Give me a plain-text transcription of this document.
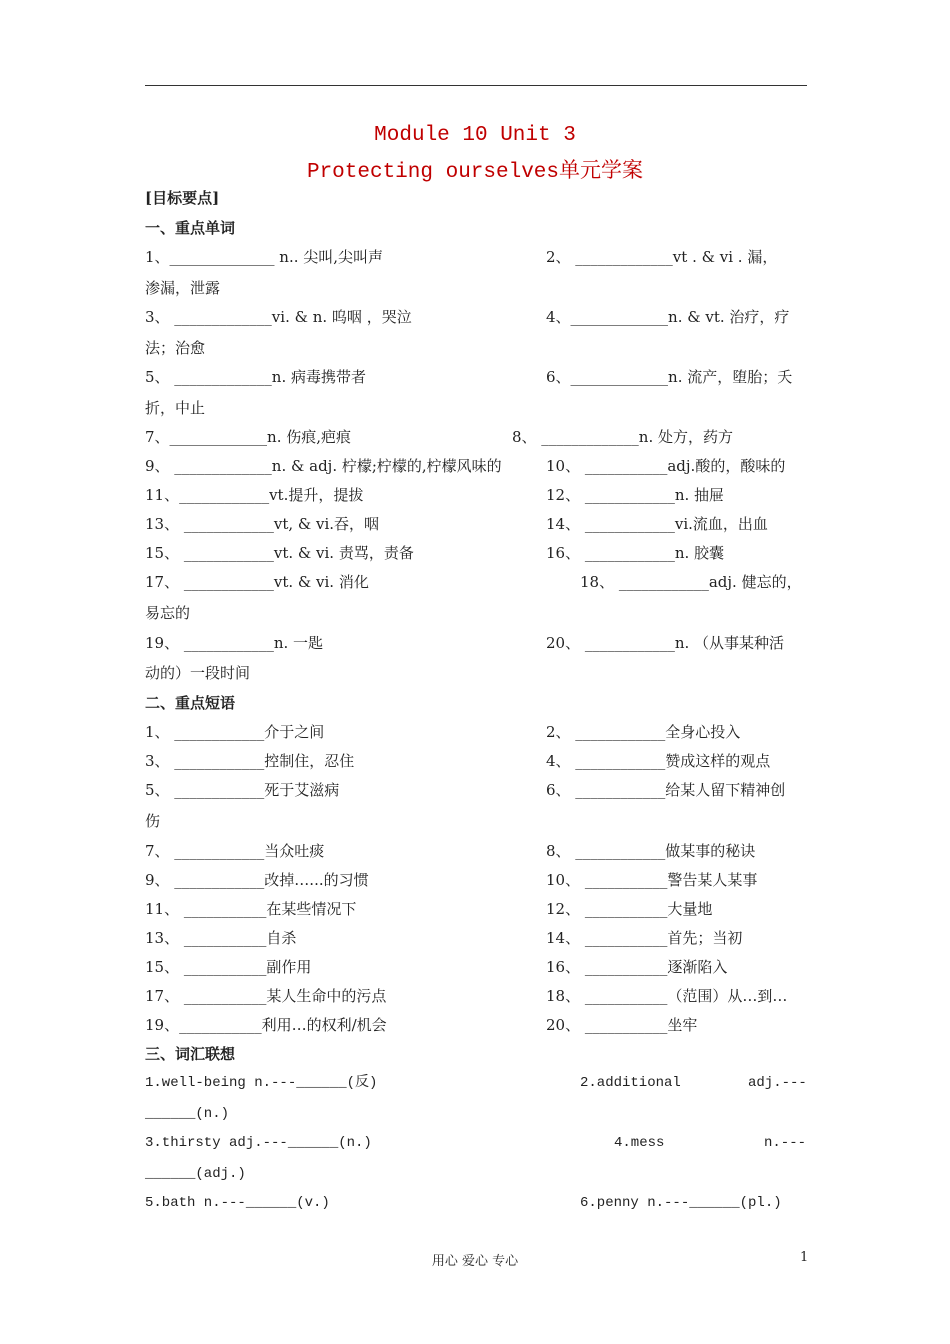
Module 10 Unit 3
Protecting ourselves单元学案
[目标要点]
一、重点单词
1、______________ n.. 尖叫,尖叫声	2、 _____________vt . & vi . 漏，
渗漏，泄露
3、 _____________vi. & n. 呜咽 ，哭泣	4、_____________n. & vt. 治疗，疗
法；治愈
5、 _____________n. 病毒携带者	6、_____________n. 流产，堕胎；夭
折，中止
7、_____________n. 伤痕,疤痕	8、 _____________n. 处方，药方
9、 _____________n. & adj. 柠檬;柠檬的,柠檬风味的	10、 ___________adj.酸的，酸味的
11、____________vt.提升，提拔	12、 ____________n. 抽屉
13、 ____________vt, & vi.吞，咽	14、 ____________vi.流血，出血
15、 ____________vt. & vi. 责骂，责备	16、 ____________n. 胶囊
17、 ____________vt. & vi. 消化	18、 ____________adj. 健忘的，
易忘的
19、 ____________n. 一匙	20、 ____________n. （从事某种活
动的）一段时间
二、重点短语
1、 ____________介于之间	2、 ____________全身心投入
3、 ____________控制住，忍住	4、 ____________赞成这样的观点
5、 ____________死于艾滋病	6、 ____________给某人留下精神创
伤
7、 ____________当众吐痰	8、 ____________做某事的秘诀
9、 ____________改掉…...的习惯	10、 ___________警告某人某事
11、 ___________在某些情况下	12、 ___________大量地
13、 ___________自杀	14、 ___________首先；当初
15、 ___________副作用	16、 ___________逐渐陷入
17、 ___________某人生命中的污点	18、 ___________（范围）从…到…
19、___________利用…的权利/机会	20、 ___________坐牢
三、词汇联想
1.well-being n.---______(反)	2.additional	adj.---
______(n.)
3.thirsty adj.---______(n.)	4.mess	n.---
______(adj.)
5.bath n.---______(v.)	6.penny n.---______(pl.)
用心 爱心 专心	1
